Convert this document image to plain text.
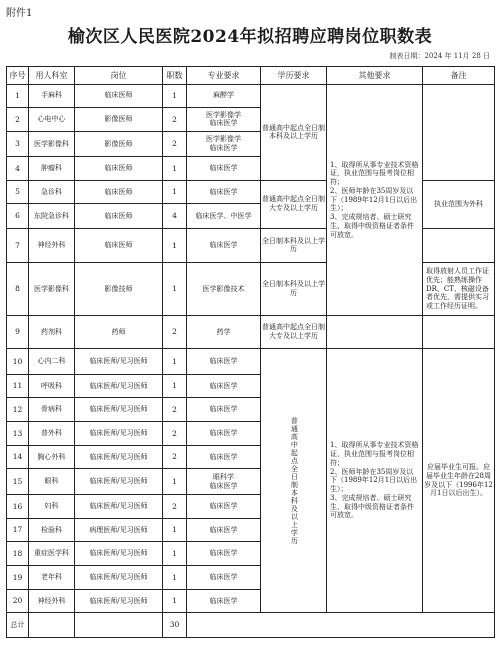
附件1
榆次区人民医院2024年拟招聘应聘岗位职数表
制表日期：2024 年 11月 28 日
序号	用人科室	岗位	职数	专业要求	学历要求	其他要求	备注

1	手麻科	临床医师	1	麻醉学	普通高中起点全日制本科及以上学历	1、取得所从事专业技术资格证，执业范围与报考岗位相符；
2、医师年龄在35周岁及以下（1989年12月1日以后出生）；
3、完成规培者、硕士研究生、取得中级资格证者条件可放宽。	

2	心电中心	影像医师	2	医学影像学
临床医学			

3	医学影像科	影像医师	2	医学影像学
临床医学			

4	肿瘤科	临床医师	1	临床医学			

5	急诊科	临床医师	1	临床医学	普通高中起点全日制大专及以上学历		执业范围为外科

6	东院急诊科	临床医师	4	临床医学、中医学			

7	神经外科	临床医师	1	临床医学	全日制本科及以上学历		

8	医学影像科	影像技师	1	医学影像技术	全日制本科及以上学历		取得放射人员工作证优先；能熟练操作DR、CT、核磁设备者优先，需提供实习或工作经历证明。

9	药剂科	药师	2	药学	普通高中起点全日制大专及以上学历		

10	心内二科	临床医师/见习医师	1	临床医学	普通高中起点全日制本科及以上学历	1、取得所从事专业技术资格证，执业范围与报考岗位相符；
2、医师年龄在35周岁及以下（1989年12月1日以后出生）；
3、完成规培者、硕士研究生、取得中级资格证者条件可放宽。	应届毕业生可报。应届毕业生年龄在28周岁及以下（1996年12月1日以后出生）。

11	呼吸科	临床医师/见习医师	1	临床医学			

12	骨病科	临床医师/见习医师	2	临床医学			

13	普外科	临床医师/见习医师	2	临床医学			

14	胸心外科	临床医师/见习医师	2	临床医学			

15	眼科	临床医师/见习医师	1	眼科学
临床医学			

16	妇科	临床医师/见习医师	2	临床医学			

17	检验科	病理医师/见习医师	1	临床医学			

18	重症医学科	临床医师/见习医师	1	临床医学			

19	老年科	临床医师/见习医师	1	临床医学			

20	神经外科	临床医师/见习医师	1	临床医学			

总计			30				
